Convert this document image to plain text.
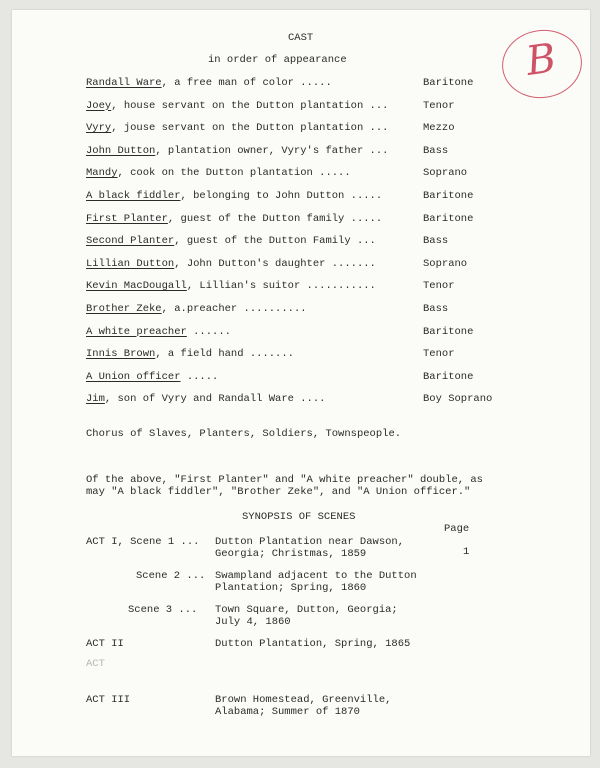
B
CAST
in order of appearance
Randall Ware, a free man of color .....	Baritone
Joey, house servant on the Dutton plantation ...	Tenor
Vyry, jouse servant on the Dutton plantation ...	Mezzo
John Dutton, plantation owner, Vyry's father ...	Bass
Mandy, cook on the Dutton plantation .....	Soprano
A black fiddler, belonging to John Dutton .....	Baritone
First Planter, guest of the Dutton family .....	Baritone
Second Planter, guest of the Dutton Family ...	Bass
Lillian Dutton, John Dutton's daughter .......	Soprano
Kevin MacDougall, Lillian's suitor ...........	Tenor
Brother Zeke, a.preacher ..........	Bass
A white preacher ......	Baritone
Innis Brown, a field hand .......	Tenor
A Union officer .....	Baritone
Jim, son of Vyry and Randall Ware ....	Boy Soprano
Chorus of Slaves, Planters, Soldiers, Townspeople.
Of the above, "First Planter" and "A white preacher" double, as
may "A black fiddler", "Brother Zeke", and "A Union officer."
SYNOPSIS OF SCENES
Page
ACT I, Scene 1 ... Dutton Plantation near Dawson,
Georgia; Christmas, 1859	1
Scene 2 ... Swampland adjacent to the Dutton
Plantation; Spring, 1860
Scene 3 ... Town Square, Dutton, Georgia;
July 4, 1860
ACT II	Dutton Plantation, Spring, 1865
ACT
ACT III	Brown Homestead, Greenville,
Alabama; Summer of 1870
